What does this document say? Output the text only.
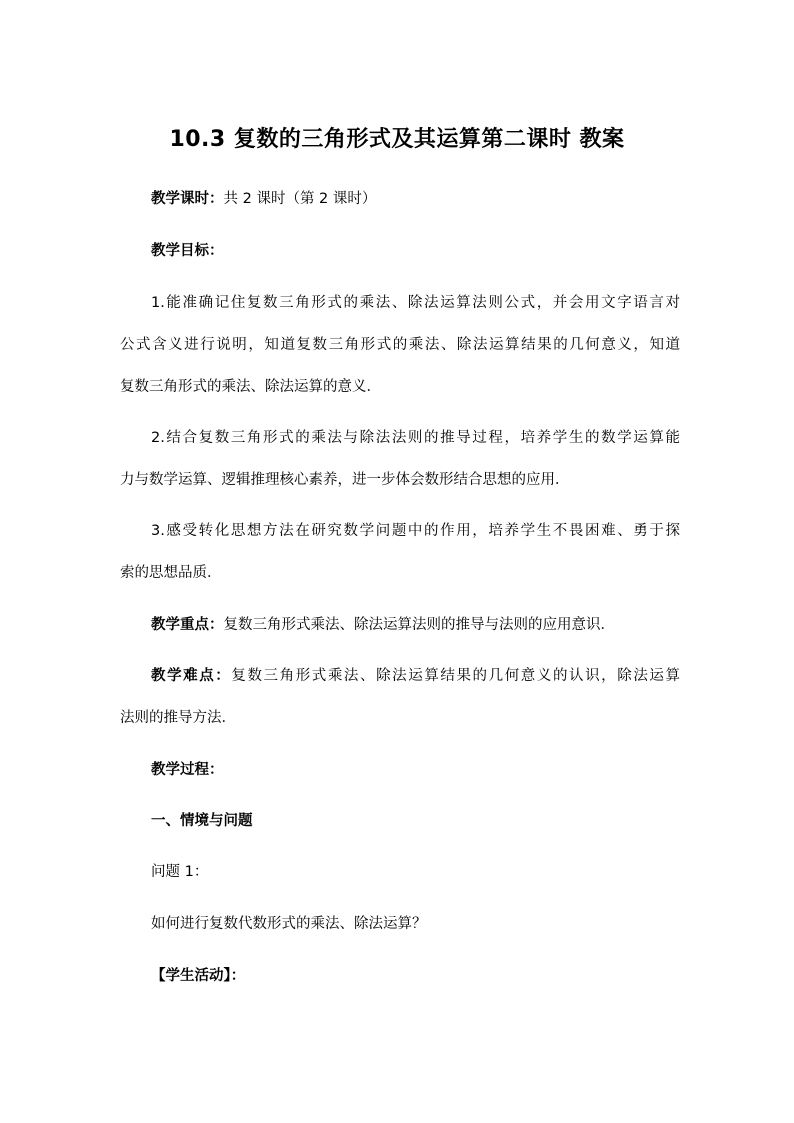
10.3 复数的三角形式及其运算第二课时 教案
教学课时：共 2 课时（第 2 课时）
教学目标：
1.能准确记住复数三角形式的乘法、除法运算法则公式，并会用文字语言对
公式含义进行说明，知道复数三角形式的乘法、除法运算结果的几何意义，知道
复数三角形式的乘法、除法运算的意义．
2.结合复数三角形式的乘法与除法法则的推导过程，培养学生的数学运算能
力与数学运算、逻辑推理核心素养，进一步体会数形结合思想的应用．
3.感受转化思想方法在研究数学问题中的作用，培养学生不畏困难、勇于探
索的思想品质．
教学重点：复数三角形式乘法、除法运算法则的推导与法则的应用意识．
教学难点：复数三角形式乘法、除法运算结果的几何意义的认识，除法运算
法则的推导方法．
教学过程：
一、情境与问题
问题 1：
如何进行复数代数形式的乘法、除法运算？
【学生活动】：
